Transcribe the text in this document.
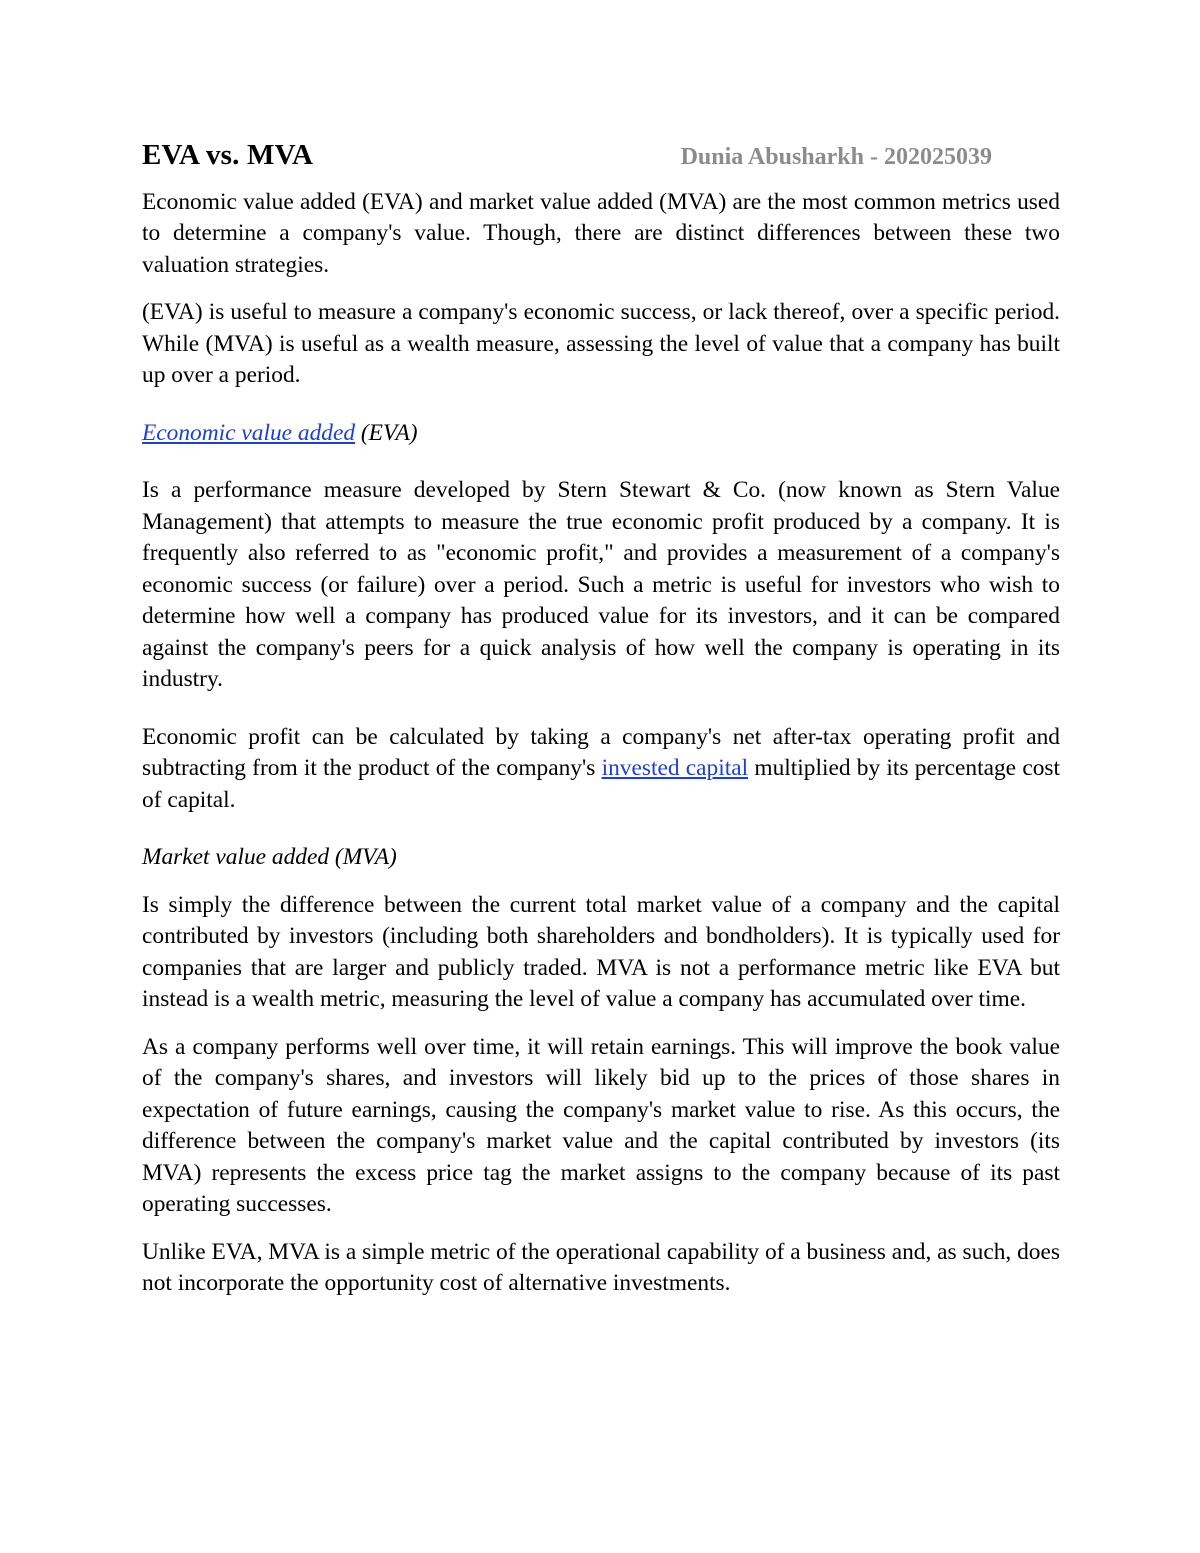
EVA vs. MVA	Dunia Abusharkh - 202025039

Economic value added (EVA) and market value added (MVA) are the most common metrics used to determine a company's value. Though, there are distinct differences between these two valuation strategies.

(EVA) is useful to measure a company's economic success, or lack thereof, over a specific period. While (MVA) is useful as a wealth measure, assessing the level of value that a company has built up over a period.

Economic value added (EVA)

Is a performance measure developed by Stern Stewart & Co. (now known as Stern Value Management) that attempts to measure the true economic profit produced by a company. It is frequently also referred to as "economic profit," and provides a measurement of a company's economic success (or failure) over a period. Such a metric is useful for investors who wish to determine how well a company has produced value for its investors, and it can be compared against the company's peers for a quick analysis of how well the company is operating in its industry.

Economic profit can be calculated by taking a company's net after-tax operating profit and subtracting from it the product of the company's invested capital multiplied by its percentage cost of capital.

Market value added (MVA)

Is simply the difference between the current total market value of a company and the capital contributed by investors (including both shareholders and bondholders). It is typically used for companies that are larger and publicly traded. MVA is not a performance metric like EVA but instead is a wealth metric, measuring the level of value a company has accumulated over time.

As a company performs well over time, it will retain earnings. This will improve the book value of the company's shares, and investors will likely bid up to the prices of those shares in expectation of future earnings, causing the company's market value to rise. As this occurs, the difference between the company's market value and the capital contributed by investors (its MVA) represents the excess price tag the market assigns to the company because of its past operating successes.

Unlike EVA, MVA is a simple metric of the operational capability of a business and, as such, does not incorporate the opportunity cost of alternative investments.
